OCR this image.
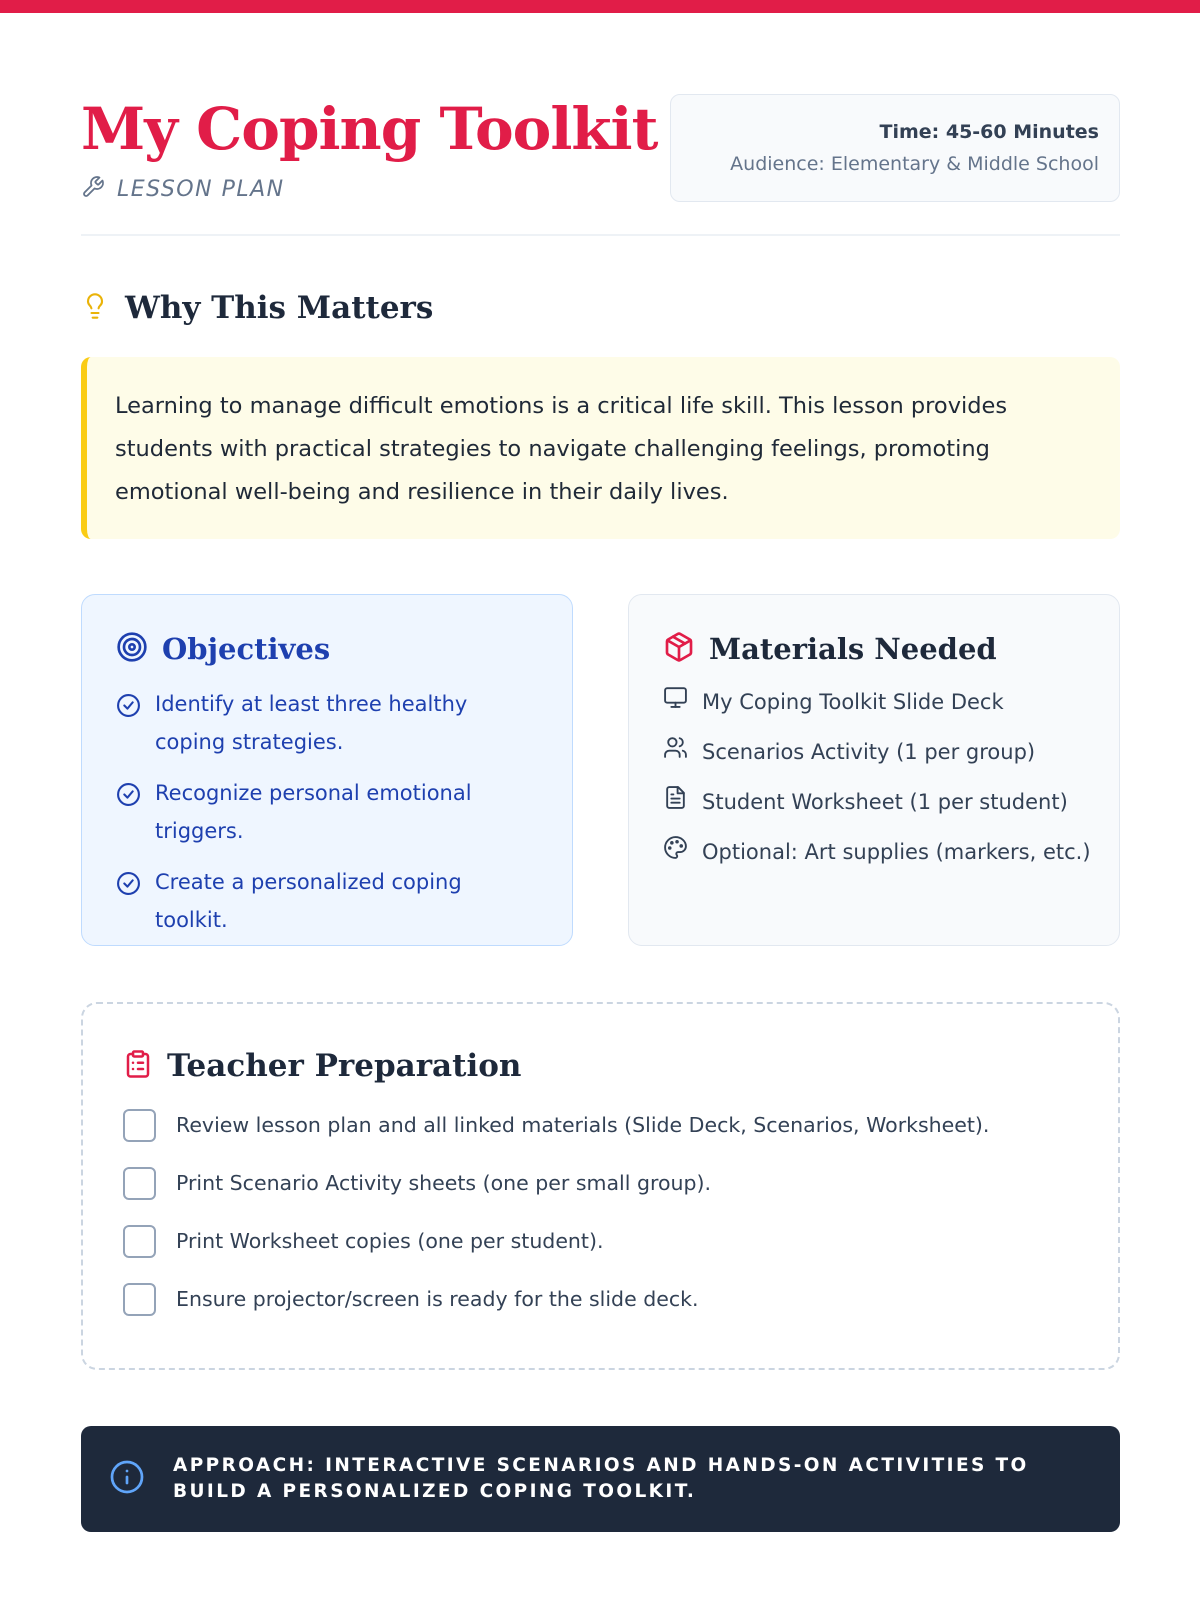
My Coping Toolkit
LESSON PLAN
Time: 45-60 Minutes
Audience: Elementary & Middle School
Why This Matters

Learning to manage difficult emotions is a critical life skill. This lesson provides students with practical strategies to navigate challenging feelings, promoting emotional well-being and resilience in their daily lives.

Objectives
Identify at least three healthy coping strategies.
Recognize personal emotional triggers.
Create a personalized coping toolkit.
Materials Needed
My Coping Toolkit Slide Deck
Scenarios Activity (1 per group)
Student Worksheet (1 per student)
Optional: Art supplies (markers, etc.)
Teacher Preparation
Review lesson plan and all linked materials (Slide Deck, Scenarios, Worksheet).
Print Scenario Activity sheets (one per small group).
Print Worksheet copies (one per student).
Ensure projector/screen is ready for the slide deck.
APPROACH: INTERACTIVE SCENARIOS AND HANDS-ON ACTIVITIES TO BUILD A PERSONALIZED COPING TOOLKIT.
